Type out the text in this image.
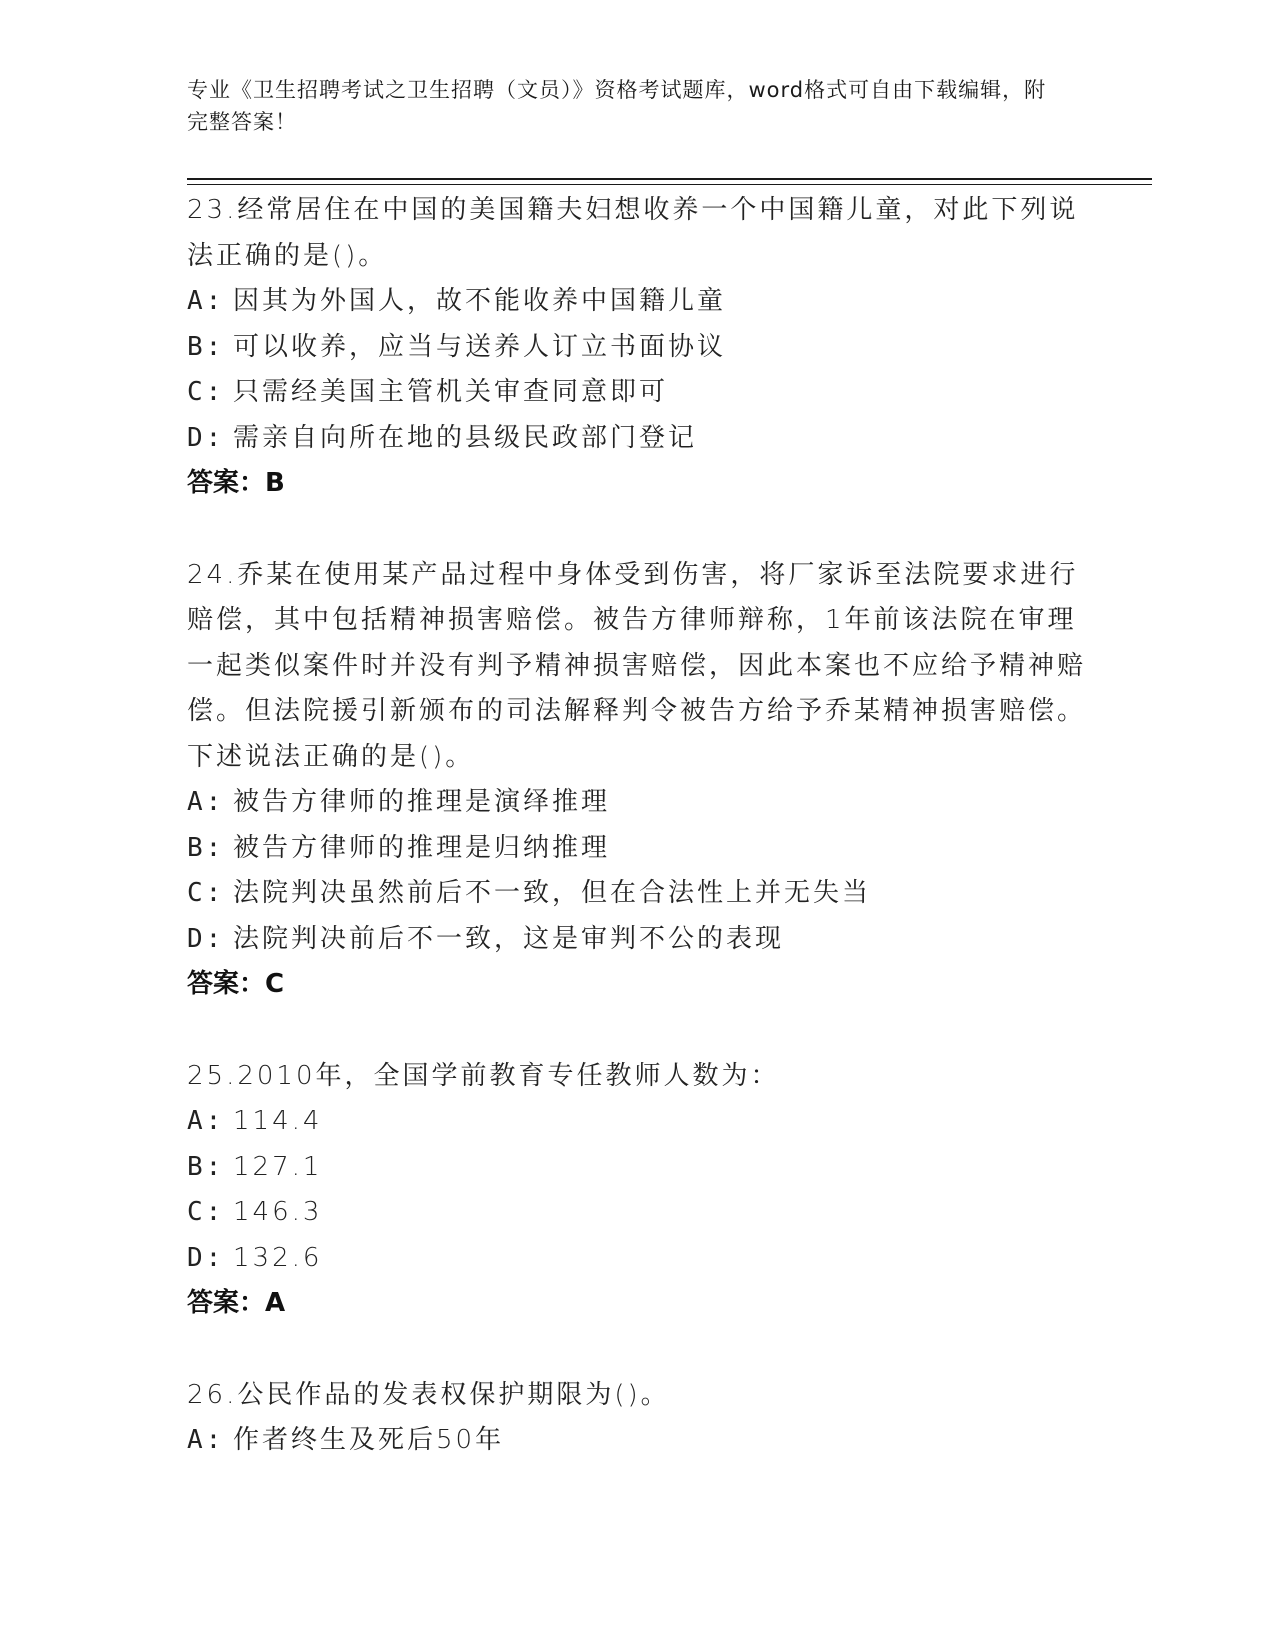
专业《卫生招聘考试之卫生招聘（文员）》资格考试题库，word格式可自由下载编辑，附完整答案！
23.经常居住在中国的美国籍夫妇想收养一个中国籍儿童，对此下列说法正确的是()。
A: 因其为外国人，故不能收养中国籍儿童
B: 可以收养，应当与送养人订立书面协议
C: 只需经美国主管机关审查同意即可
D: 需亲自向所在地的县级民政部门登记
答案：B
24.乔某在使用某产品过程中身体受到伤害，将厂家诉至法院要求进行赔偿，其中包括精神损害赔偿。被告方律师辩称，1年前该法院在审理一起类似案件时并没有判予精神损害赔偿，因此本案也不应给予精神赔偿。但法院援引新颁布的司法解释判令被告方给予乔某精神损害赔偿。下述说法正确的是()。
A: 被告方律师的推理是演绎推理
B: 被告方律师的推理是归纳推理
C: 法院判决虽然前后不一致，但在合法性上并无失当
D: 法院判决前后不一致，这是审判不公的表现
答案：C
25.2010年，全国学前教育专任教师人数为：
A: 114.4
B: 127.1
C: 146.3
D: 132.6
答案：A
26.公民作品的发表权保护期限为()。
A: 作者终生及死后50年
